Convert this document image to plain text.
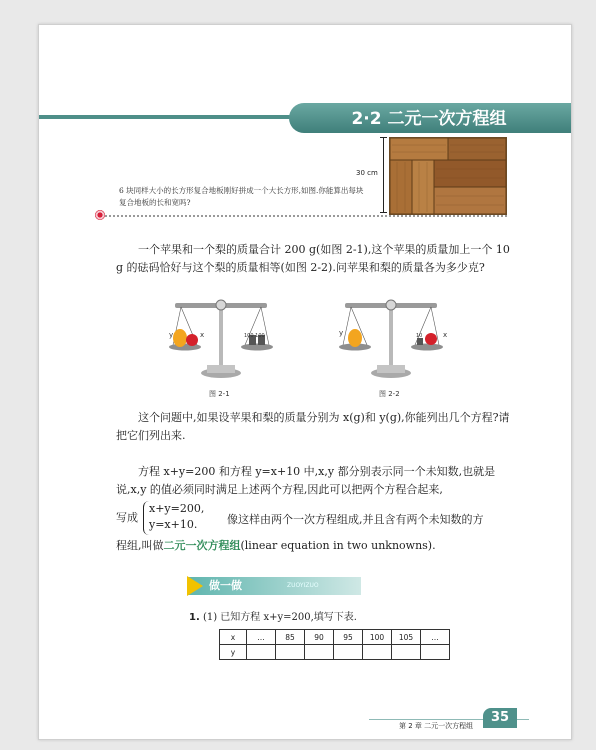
2·2 二元一次方程组
30 cm
6 块同样大小的长方形复合地板刚好拼成一个大长方形,如图.你能算出每块复合地板的长和宽吗?
一个苹果和一个梨的质量合计 200 g(如图 2-1),这个苹果的质量加上一个 10 g 的砝码恰好与这个梨的质量相等(如图 2-2).问苹果和梨的质量各为多少克?
y	x	100 100
图 2-1
y	x
10
图 2-2
这个问题中,如果设苹果和梨的质量分别为 x(g)和 y(g),你能列出几个方程?请把它们列出来.
方程 x+y=200 和方程 y=x+10 中,x,y 都分别表示同一个未知数,也就是说,x,y 的值必须同时满足上述两个方程,因此可以把两个方程合起来,
写成
x+y=200,
y=x+10.	像这样由两个一次方程组成,并且含有两个未知数的方
程组,叫做二元一次方程组(linear equation in two unknowns).
做一做	ZUOYIZUO
1. (1) 已知方程 x+y=200,填写下表.
x	…	85	90	95	100	105	…
y							
第 2 章 二元一次方程组
35
